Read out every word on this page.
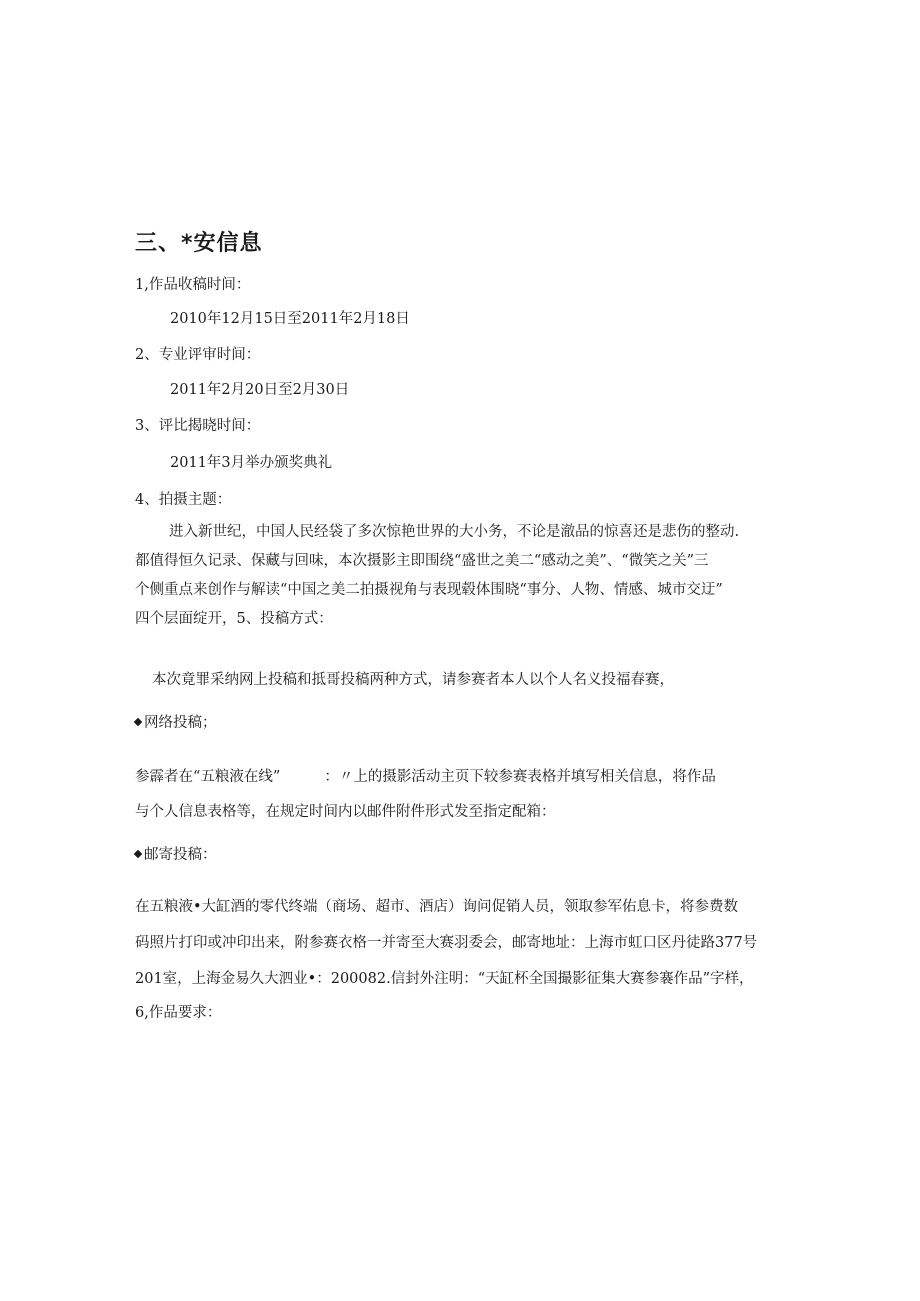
三、*安信息
1,作品收稿时间：
2010年12月15日至2011年2月18日
2、专业评审时间：
2011年2月20日至2月30日
3、评比揭晓时间：
2011年3月举办颁奖典礼
4、拍摄主题：
进入新世纪，中国人民经袋了多次惊艳世界的大小务，不论是澈品的惊喜还是悲伤的整动.
都值得恒久记录、保藏与回味，本次摄影主即围绕“盛世之美二“感动之美”、“微笑之关”三
个侧重点来创作与解读“中国之美二拍摄视角与表现毂体围晓“事分、人物、情感、城市交迂”
四个层面绽开，5、投稿方式：
本次竟罪采纳网上投稿和抵哥投稿两种方式，请参赛者本人以个人名义投福春赛，
网络投稿；
参霹者在“五粮液在线”	：〃上的摄影活动主页下较参赛表格并填写相关信息，将作品
与个人信息表格等，在规定时间内以邮件附件形式发至指定配箱：
邮寄投稿：
在五粮液•大缸酒的零代终端（商场、超市、酒店）询问促销人员，领取参军佑息卡，将参费数
码照片打印或冲印出来，附参赛衣格一并寄至大赛羽委会，邮寄地址：上海市虹口区丹徒路377号
201室，上海金易久大泗业•：200082.信封外注明：“天缸杯全国撮影征集大赛参褰作品”字样，
6,作品要求：
